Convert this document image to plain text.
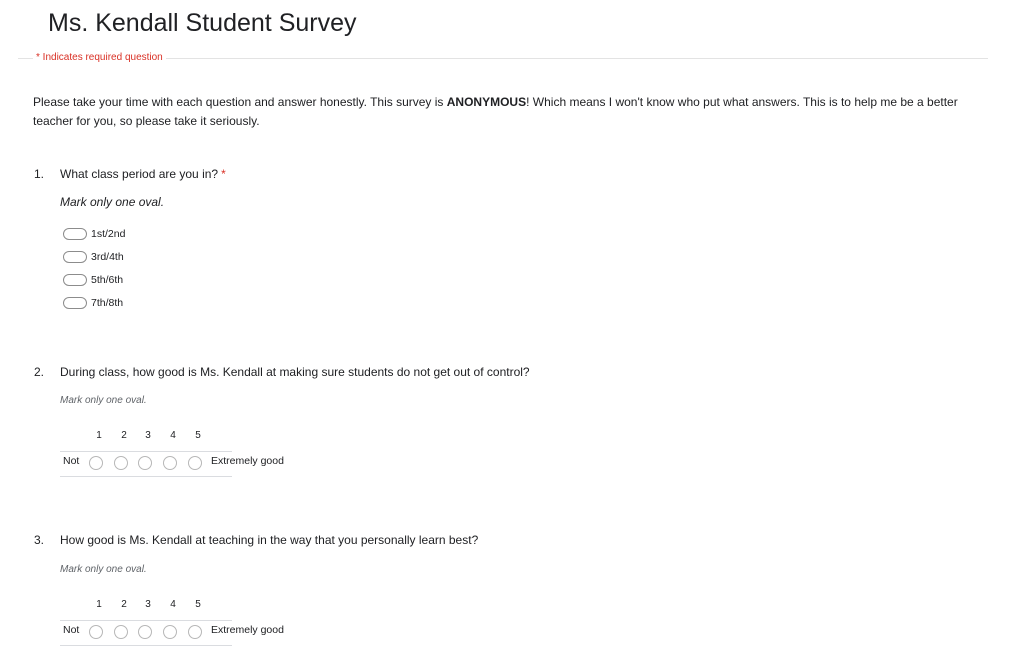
Ms. Kendall Student Survey
* Indicates required question
Please take your time with each question and answer honestly. This survey is ANONYMOUS! Which means I won't know who put what answers. This is to help me be a better teacher for you, so please take it seriously.
1. What class period are you in? *
Mark only one oval.
1st/2nd
3rd/4th
5th/6th
7th/8th
2. During class, how good is Ms. Kendall at making sure students do not get out of control?
Mark only one oval.
1 2 3 4 5
Not	Extremely good
3. How good is Ms. Kendall at teaching in the way that you personally learn best?
Mark only one oval.
1 2 3 4 5
Not	Extremely good
